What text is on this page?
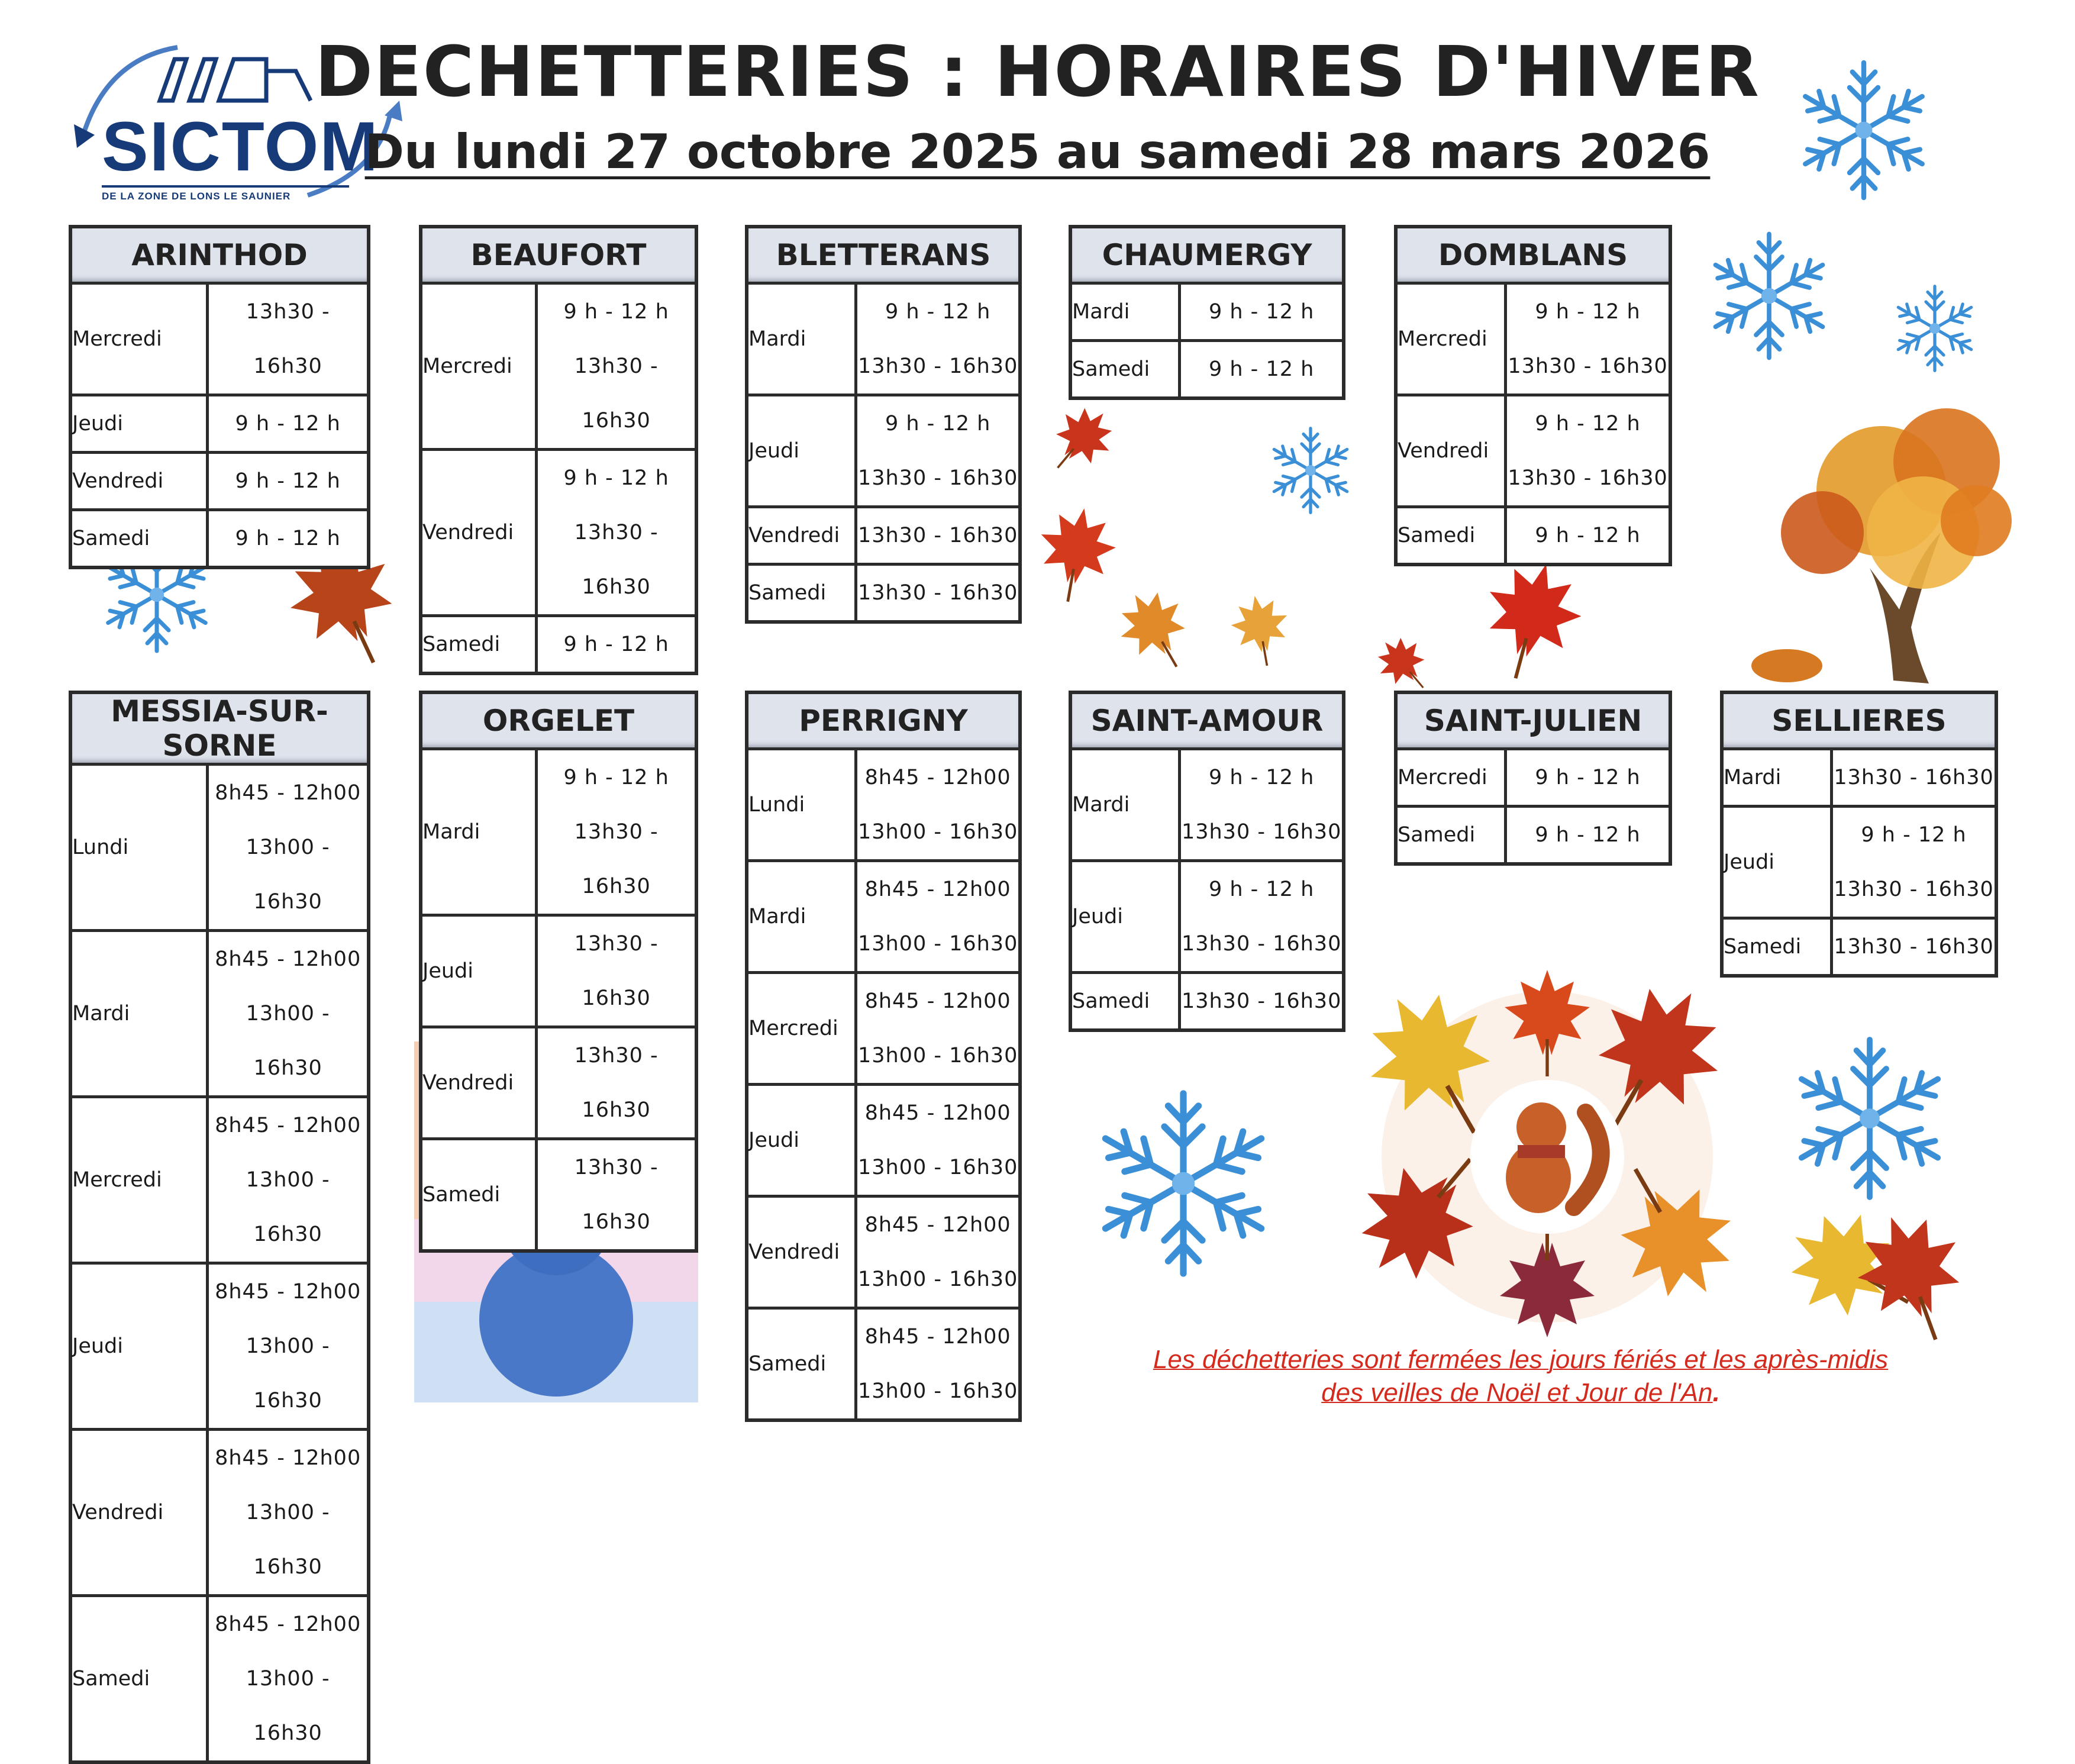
SICTOM
DE LA ZONE DE LONS LE SAUNIER
DECHETTERIES : HORAIRES D'HIVER
Du lundi 27 octobre 2025 au samedi 28 mars 2026
ARINTHOD	
Mercredi	13h30 - 16h30

Jeudi	9 h - 12 h

Vendredi	9 h - 12 h

Samedi	9 h - 12 h
BEAUFORT	
Mercredi	9 h - 12 h
13h30 - 16h30

Vendredi	9 h - 12 h
13h30 - 16h30

Samedi	9 h - 12 h
BLETTERANS	
Mardi	9 h - 12 h
13h30 - 16h30

Jeudi	9 h - 12 h
13h30 - 16h30

Vendredi	13h30 - 16h30

Samedi	13h30 - 16h30
CHAUMERGY	
Mardi	9 h - 12 h

Samedi	9 h - 12 h
DOMBLANS	
Mercredi	9 h - 12 h
13h30 - 16h30

Vendredi	9 h - 12 h
13h30 - 16h30

Samedi	9 h - 12 h
MESSIA-SUR-SORNE	
Lundi	8h45 - 12h00
13h00 - 16h30

Mardi	8h45 - 12h00
13h00 - 16h30

Mercredi	8h45 - 12h00
13h00 - 16h30

Jeudi	8h45 - 12h00
13h00 - 16h30

Vendredi	8h45 - 12h00
13h00 - 16h30

Samedi	8h45 - 12h00
13h00 - 16h30
ORGELET	
Mardi	9 h - 12 h
13h30 - 16h30

Jeudi	13h30 - 16h30

Vendredi	13h30 - 16h30

Samedi	13h30 - 16h30
PERRIGNY	
Lundi	8h45 - 12h00
13h00 - 16h30

Mardi	8h45 - 12h00
13h00 - 16h30

Mercredi	8h45 - 12h00
13h00 - 16h30

Jeudi	8h45 - 12h00
13h00 - 16h30

Vendredi	8h45 - 12h00
13h00 - 16h30

Samedi	8h45 - 12h00
13h00 - 16h30
SAINT-AMOUR	
Mardi	9 h - 12 h
13h30 - 16h30

Jeudi	9 h - 12 h
13h30 - 16h30

Samedi	13h30 - 16h30
SAINT-JULIEN	
Mercredi	9 h - 12 h

Samedi	9 h - 12 h
SELLIERES	
Mardi	13h30 - 16h30

Jeudi	9 h - 12 h
13h30 - 16h30

Samedi	13h30 - 16h30
Les déchetteries sont fermées les jours fériés et les après-midis
des veilles de Noël et Jour de l'An.
